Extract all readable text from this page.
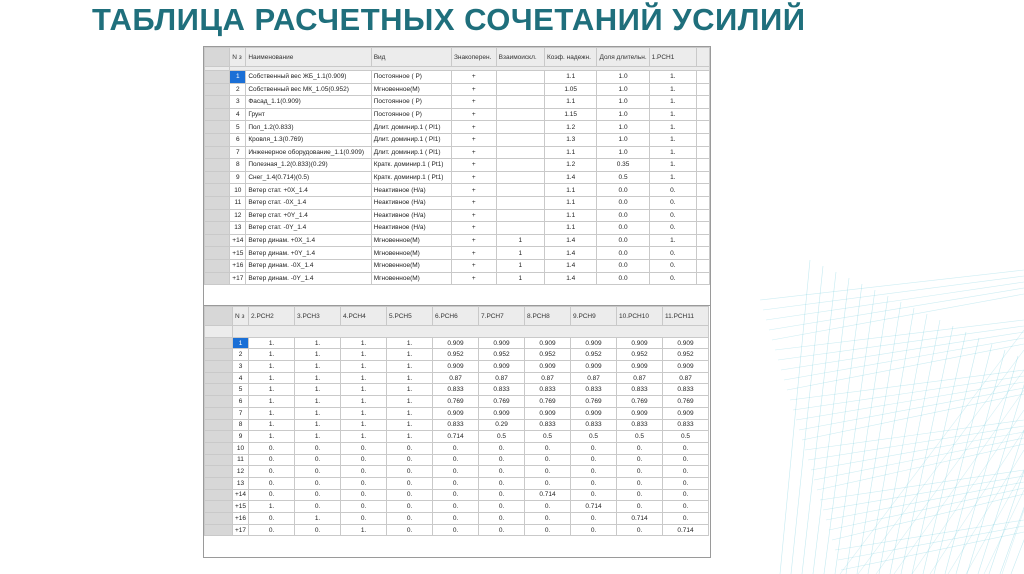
ТАБЛИЦА РАСЧЕТНЫХ СОЧЕТАНИЙ УСИЛИЙ
	N з	Наименование	Вид	Знакоперен.	Взаимоискл.	Коэф. надежн.	Доля длительн.	1.РСН1	

	1	Собственный вес ЖБ_1.1(0.909)	Постоянное ( Р)	+		1.1	1.0	1.	
	2	Собственный вес МК_1.05(0.952)	Мгновенное(М)	+		1.05	1.0	1.	
	3	Фасад_1.1(0.909)	Постоянное ( Р)	+		1.1	1.0	1.	
	4	Грунт	Постоянное ( Р)	+		1.15	1.0	1.	
	5	Пол_1.2(0.833)	Длит. доминир.1 ( Pl1)	+		1.2	1.0	1.	
	6	Кровля_1.3(0.769)	Длит. доминир.1 ( Pl1)	+		1.3	1.0	1.	
	7	Инженерное оборудование_1.1(0.909)	Длит. доминир.1 ( Pl1)	+		1.1	1.0	1.	
	8	Полезная_1.2(0.833)(0.29)	Кратк. доминир.1 ( Pt1)	+		1.2	0.35	1.	
	9	Снег_1.4(0.714)(0.5)	Кратк. доминир.1 ( Pt1)	+		1.4	0.5	1.	
	10	Ветер стат. +0X_1.4	Неактивное (Н/а)	+		1.1	0.0	0.	
	11	Ветер стат. -0X_1.4	Неактивное (Н/а)	+		1.1	0.0	0.	
	12	Ветер стат. +0Y_1.4	Неактивное (Н/а)	+		1.1	0.0	0.	
	13	Ветер стат. -0Y_1.4	Неактивное (Н/а)	+		1.1	0.0	0.	
	+14	Ветер динам. +0X_1.4	Мгновенное(М)	+	1	1.4	0.0	1.	
	+15	Ветер динам. +0Y_1.4	Мгновенное(М)	+	1	1.4	0.0	0.	
	+16	Ветер динам. -0X_1.4	Мгновенное(М)	+	1	1.4	0.0	0.	
	+17	Ветер динам. -0Y_1.4	Мгновенное(М)	+	1	1.4	0.0	0.	
	N з	2.РСН2	3.РСН3	4.РСН4	5.РСН5	6.РСН6	7.РСН7	8.РСН8	9.РСН9	10.РСН10	11.РСН11

	1	1.	1.	1.	1.	0.909	0.909	0.909	0.909	0.909	0.909
	2	1.	1.	1.	1.	0.952	0.952	0.952	0.952	0.952	0.952
	3	1.	1.	1.	1.	0.909	0.909	0.909	0.909	0.909	0.909
	4	1.	1.	1.	1.	0.87	0.87	0.87	0.87	0.87	0.87
	5	1.	1.	1.	1.	0.833	0.833	0.833	0.833	0.833	0.833
	6	1.	1.	1.	1.	0.769	0.769	0.769	0.769	0.769	0.769
	7	1.	1.	1.	1.	0.909	0.909	0.909	0.909	0.909	0.909
	8	1.	1.	1.	1.	0.833	0.29	0.833	0.833	0.833	0.833
	9	1.	1.	1.	1.	0.714	0.5	0.5	0.5	0.5	0.5
	10	0.	0.	0.	0.	0.	0.	0.	0.	0.	0.
	11	0.	0.	0.	0.	0.	0.	0.	0.	0.	0.
	12	0.	0.	0.	0.	0.	0.	0.	0.	0.	0.
	13	0.	0.	0.	0.	0.	0.	0.	0.	0.	0.
	+14	0.	0.	0.	0.	0.	0.	0.714	0.	0.	0.
	+15	1.	0.	0.	0.	0.	0.	0.	0.714	0.	0.
	+16	0.	1.	0.	0.	0.	0.	0.	0.	0.714	0.
	+17	0.	0.	1.	0.	0.	0.	0.	0.	0.	0.714
